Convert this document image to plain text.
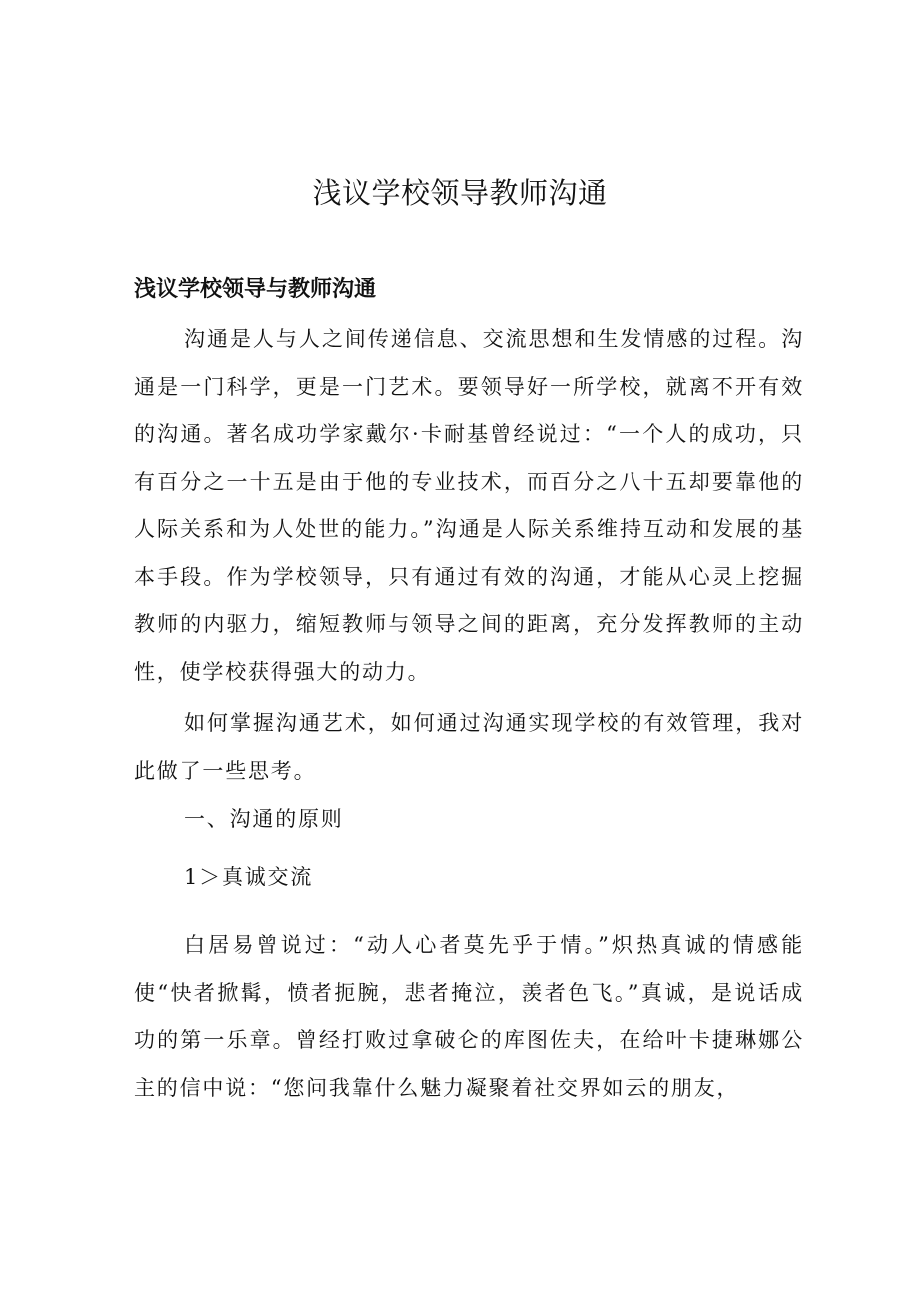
浅议学校领导教师沟通
浅议学校领导与教师沟通

沟通是人与人之间传递信息、交流思想和生发情感的过程。沟通是一门科学，更是一门艺术。要领导好一所学校，就离不开有效的沟通。著名成功学家戴尔·卡耐基曾经说过：“一个人的成功，只有百分之一十五是由于他的专业技术，而百分之八十五却要靠他的人际关系和为人处世的能力。”沟通是人际关系维持互动和发展的基本手段。作为学校领导，只有通过有效的沟通，才能从心灵上挖掘教师的内驱力，缩短教师与领导之间的距离，充分发挥教师的主动性，使学校获得强大的动力。

如何掌握沟通艺术，如何通过沟通实现学校的有效管理，我对此做了一些思考。

一、沟通的原则

1＞真诚交流

白居易曾说过：“动人心者莫先乎于情。”炽热真诚的情感能使“快者掀髯，愤者扼腕，悲者掩泣，羡者色飞。”真诚，是说话成功的第一乐章。曾经打败过拿破仑的库图佐夫，在给叶卡捷琳娜公主的信中说：“您问我靠什么魅力凝聚着社交界如云的朋友，
